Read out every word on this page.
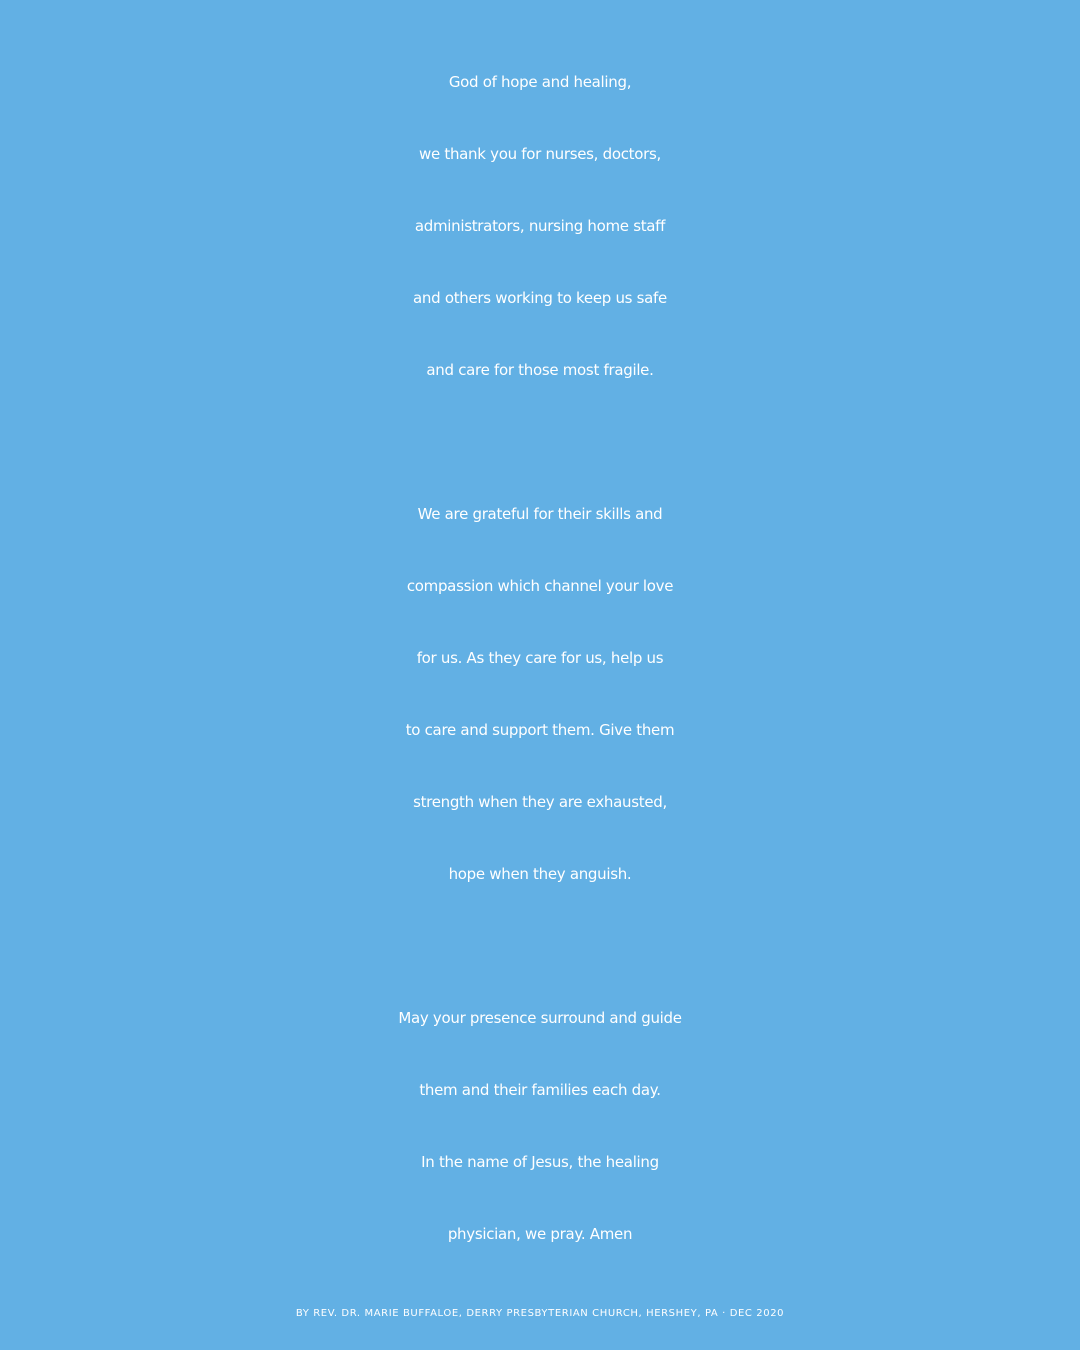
God of hope and healing,
we thank you for nurses, doctors,
administrators, nursing home staff
and others working to keep us safe
and care for those most fragile.
We are grateful for their skills and
compassion which channel your love
for us. As they care for us, help us
to care and support them. Give them
strength when they are exhausted,
hope when they anguish.
May your presence surround and guide
them and their families each day.
In the name of Jesus, the healing
physician, we pray. Amen
BY REV. DR. MARIE BUFFALOE, DERRY PRESBYTERIAN CHURCH, HERSHEY, PA · DEC 2020
